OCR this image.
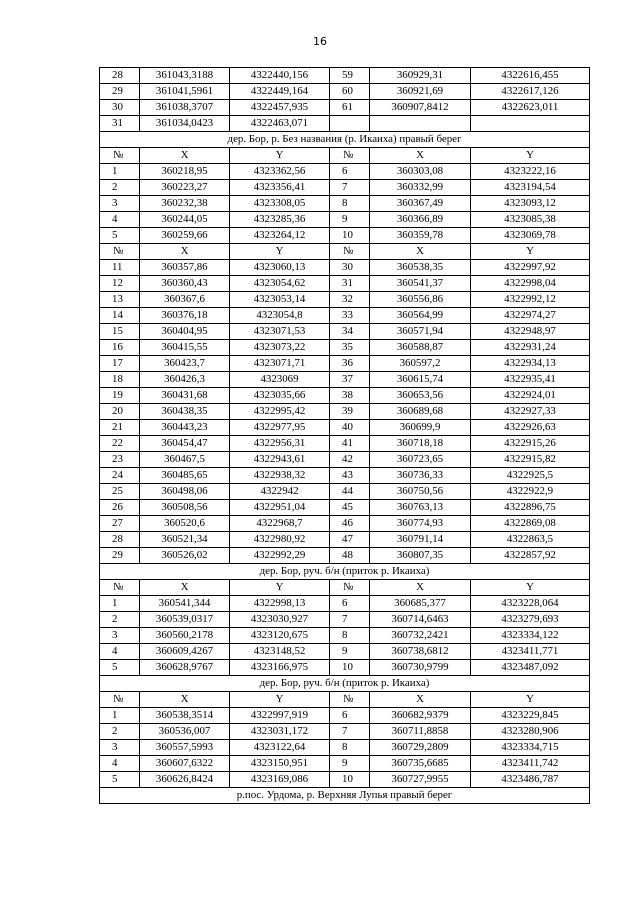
16
28	361043,3188	4322440,156	59	360929,31	4322616,455
29	361041,5961	4322449,164	60	360921,69	4322617,126
30	361038,3707	4322457,935	61	360907,8412	4322623,011
31	361034,0423	4322463,071			
дер. Бор, р. Без названия (р. Икаиха) правый берег					
№	X	Y	№	X	Y
1	360218,95	4323362,56	6	360303,08	4323222,16
2	360223,27	4323356,41	7	360332,99	4323194,54
3	360232,38	4323308,05	8	360367,49	4323093,12
4	360244,05	4323285,36	9	360366,89	4323085,38
5	360259,66	4323264,12	10	360359,78	4323069,78
№	X	Y	№	X	Y
11	360357,86	4323060,13	30	360538,35	4322997,92
12	360360,43	4323054,62	31	360541,37	4322998,04
13	360367,6	4323053,14	32	360556,86	4322992,12
14	360376,18	4323054,8	33	360564,99	4322974,27
15	360404,95	4323071,53	34	360571,94	4322948,97
16	360415,55	4323073,22	35	360588,87	4322931,24
17	360423,7	4323071,71	36	360597,2	4322934,13
18	360426,3	4323069	37	360615,74	4322935,41
19	360431,68	4323035,66	38	360653,56	4322924,01
20	360438,35	4322995,42	39	360689,68	4322927,33
21	360443,23	4322977,95	40	360699,9	4322926,63
22	360454,47	4322956,31	41	360718,18	4322915,26
23	360467,5	4322943,61	42	360723,65	4322915,82
24	360485,65	4322938,32	43	360736,33	4322925,5
25	360498,06	4322942	44	360750,56	4322922,9
26	360508,56	4322951,04	45	360763,13	4322896,75
27	360520,6	4322968,7	46	360774,93	4322869,08
28	360521,34	4322980,92	47	360791,14	4322863,5
29	360526,02	4322992,29	48	360807,35	4322857,92
дер. Бор, руч. б/н (приток р. Икаиха)					
№	X	Y	№	X	Y
1	360541,344	4322998,13	6	360685,377	4323228,064
2	360539,0317	4323030,927	7	360714,6463	4323279,693
3	360560,2178	4323120,675	8	360732,2421	4323334,122
4	360609,4267	4323148,52	9	360738,6812	4323411,771
5	360628,9767	4323166,975	10	360730,9799	4323487,092
дер. Бор, руч. б/н (приток р. Икаиха)					
№	X	Y	№	X	Y
1	360538,3514	4322997,919	6	360682,9379	4323229,845
2	360536,007	4323031,172	7	360711,8858	4323280,906
3	360557,5993	4323122,64	8	360729,2809	4323334,715
4	360607,6322	4323150,951	9	360735,6685	4323411,742
5	360626,8424	4323169,086	10	360727,9955	4323486,787
р.пос. Урдома, р. Верхняя Лупья правый берег					
